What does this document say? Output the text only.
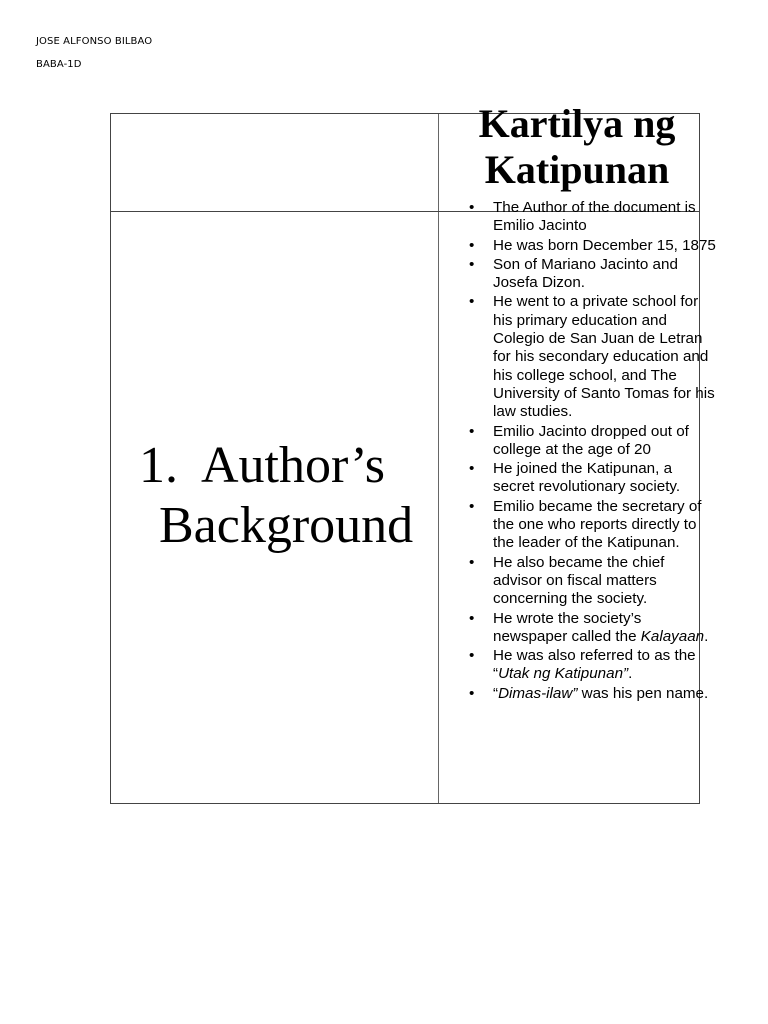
JOSE ALFONSO BILBAO
BABA-1D
Kartilya ng
Katipunan
1. Author’s
Background
• The Author of the document is Emilio Jacinto
• He was born December 15, 1875
• Son of Mariano Jacinto and Josefa Dizon.
• He went to a private school for his primary education and Colegio de San Juan de Letran for his secondary education and his college school, and The University of Santo Tomas for his law studies.
• Emilio Jacinto dropped out of college at the age of 20
• He joined the Katipunan, a secret revolutionary society.
• Emilio became the secretary of the one who reports directly to the leader of the Katipunan.
• He also became the chief advisor on fiscal matters concerning the society.
• He wrote the society’s newspaper called the Kalayaan.
• He was also referred to as the “Utak ng Katipunan”.
• “Dimas-ilaw” was his pen name.
